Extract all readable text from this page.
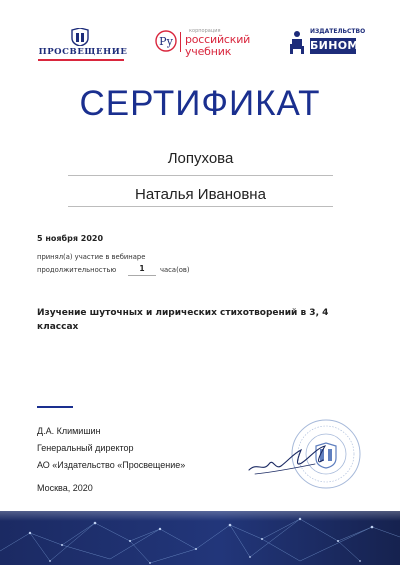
ПРОСВЕЩЕНИЕ
Ру
корпорация
российский
учебник
ИЗДАТЕЛЬСТВО
БИНОМ
СЕРТИФИКАТ
Лопухова
Наталья Ивановна
5 ноября 2020
принял(а) участие в вебинаре
продолжительностью	1	часа(ов)
Изучение шуточных и лирических стихотворений в 3, 4 классах
Д.А. Климишин
Генеральный директор
АО «Издательство «Просвещение»
Москва, 2020
